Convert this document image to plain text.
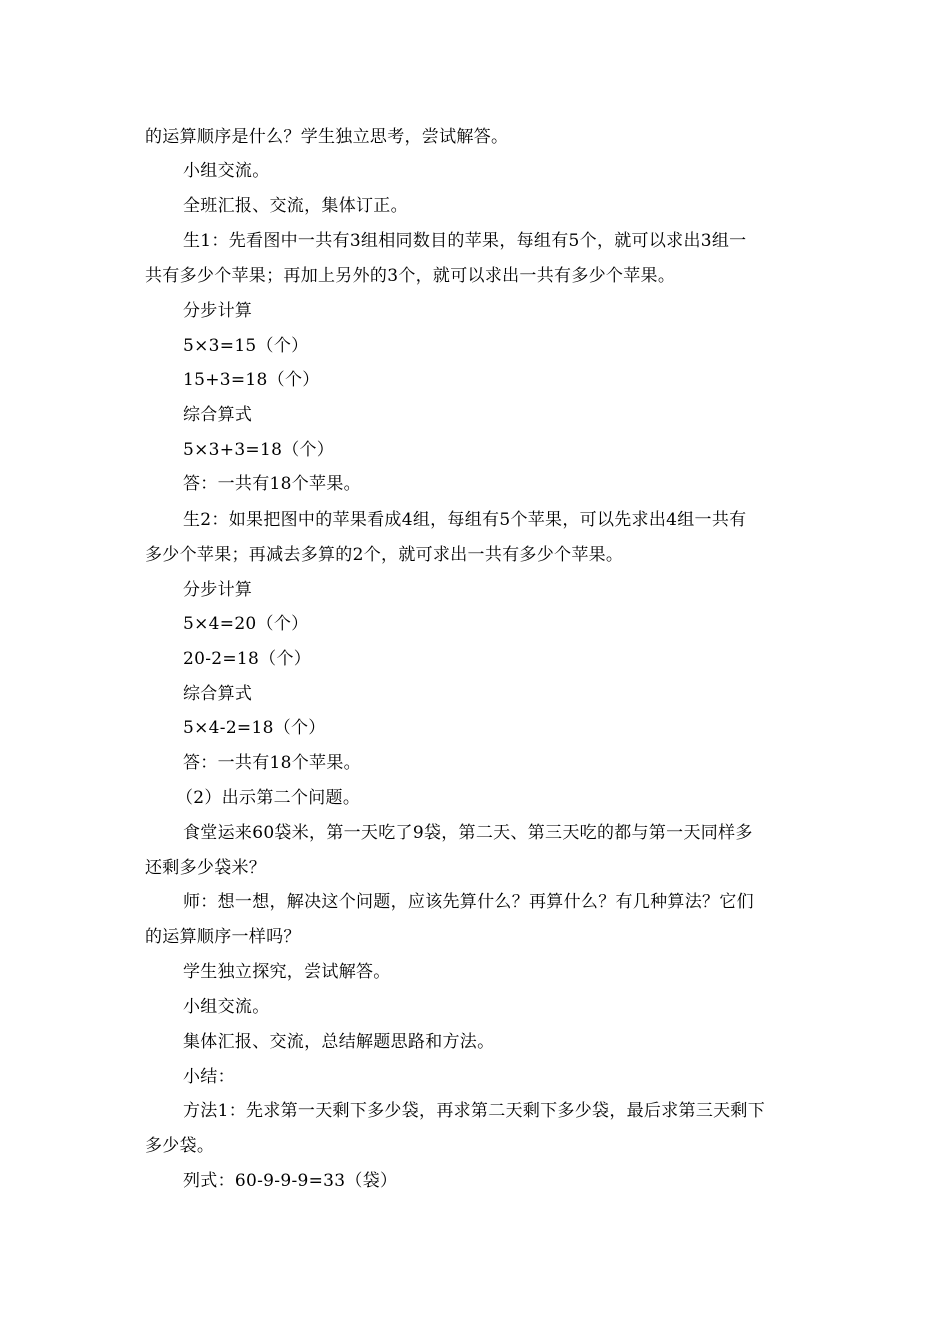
的运算顺序是什么？学生独立思考，尝试解答。
小组交流。
全班汇报、交流，集体订正。
生1：先看图中一共有3组相同数目的苹果，每组有5个，就可以求出3组一
共有多少个苹果；再加上另外的3个，就可以求出一共有多少个苹果。
分步计算
5×3=15（个）
15+3=18（个）
综合算式
5×3+3=18（个）
答：一共有18个苹果。
生2：如果把图中的苹果看成4组，每组有5个苹果，可以先求出4组一共有
多少个苹果；再减去多算的2个，就可求出一共有多少个苹果。
分步计算
5×4=20（个）
20-2=18（个）
综合算式
5×4-2=18（个）
答：一共有18个苹果。
（2）出示第二个问题。
食堂运来60袋米，第一天吃了9袋，第二天、第三天吃的都与第一天同样多
还剩多少袋米？
师：想一想，解决这个问题，应该先算什么？再算什么？有几种算法？它们
的运算顺序一样吗？
学生独立探究，尝试解答。
小组交流。
集体汇报、交流，总结解题思路和方法。
小结：
方法1：先求第一天剩下多少袋，再求第二天剩下多少袋，最后求第三天剩下
多少袋。
列式：60-9-9-9=33（袋）
